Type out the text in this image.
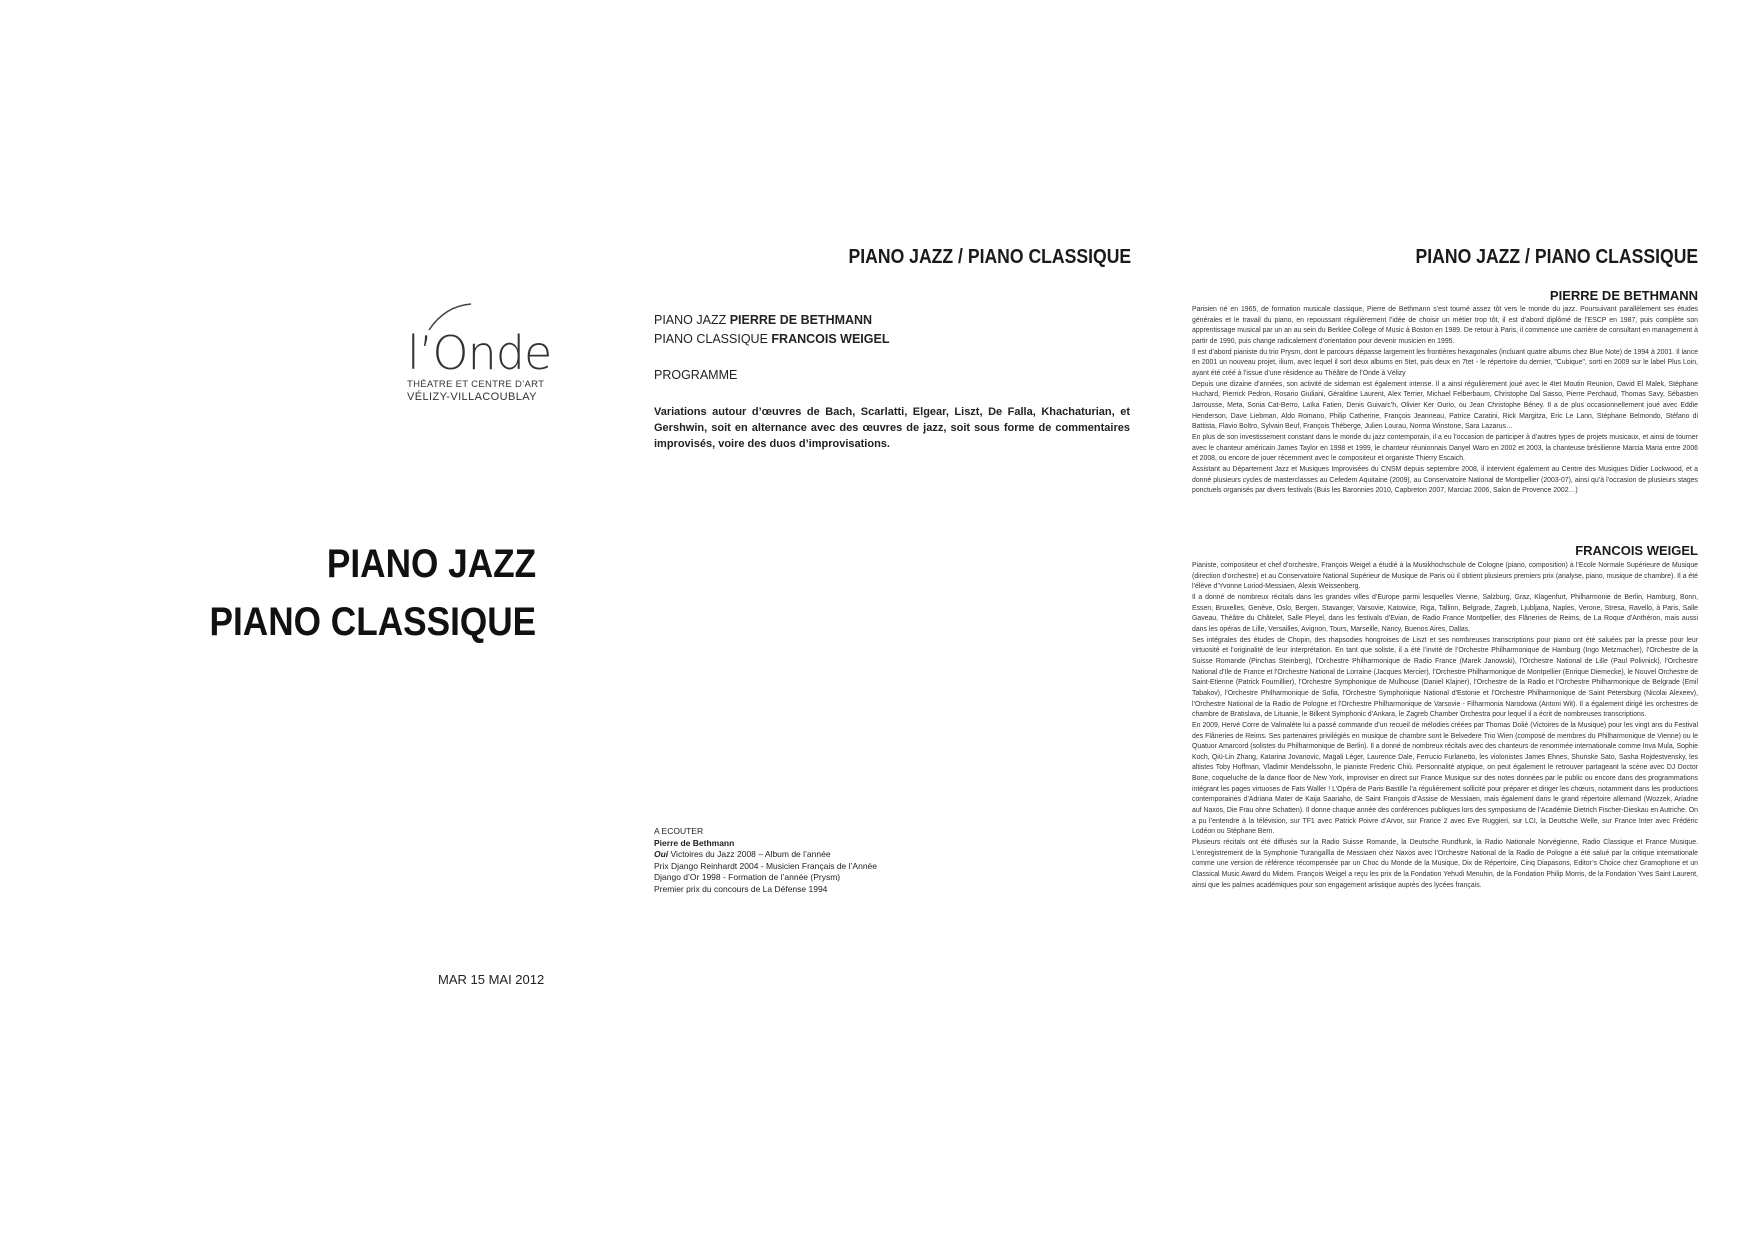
l’Onde
THÉATRE ET CENTRE D’ART
VÉLIZY-VILLACOUBLAY
PIANO JAZZ
PIANO CLASSIQUE
MAR 15 MAI 2012
PIANO JAZZ / PIANO CLASSIQUE
PIANO JAZZ PIERRE DE BETHMANN
PIANO CLASSIQUE FRANCOIS WEIGEL
PROGRAMME
Variations autour d’œuvres de Bach, Scarlatti, Elgear, Liszt, De Falla, Khachaturian, et Gershwin, soit en alternance avec des œuvres de jazz, soit sous forme de commentaires improvisés, voire des duos d’improvisations.
A ECOUTER
Pierre de Bethmann
Oui Victoires du Jazz 2008 – Album de l’année
Prix Django Reinhardt 2004 - Musicien Français de l’Année
Django d’Or 1998 - Formation de l’année (Prysm)
Premier prix du concours de La Défense 1994
PIANO JAZZ / PIANO CLASSIQUE
PIERRE DE BETHMANN

Parisien né en 1965, de formation musicale classique, Pierre de Bethmann s’est tourné assez tôt vers le monde du jazz. Poursuivant parallèlement ses études générales et le travail du piano, en repoussant régulièrement l’idée de choisir un métier trop tôt, il est d’abord diplômé de l’ESCP en 1987, puis complète son apprentissage musical par un an au sein du Berklee College of Music à Boston en 1989. De retour à Paris, il commence une carrière de consultant en management à partir de 1990, puis change radicalement d’orientation pour devenir musicien en 1995.

Il est d’abord pianiste du trio Prysm, dont le parcours dépasse largement les frontières hexagonales (incluant quatre albums chez Blue Note) de 1994 à 2001. Il lance en 2001 un nouveau projet, ilium, avec lequel il sort deux albums en 5tet, puis deux en 7tet - le répertoire du dernier, "Cubique", sorti en 2009 sur le label Plus Loin, ayant été créé à l’issue d’une résidence au Théâtre de l’Onde à Vélizy

Depuis une dizaine d’années, son activité de sideman est également intense. Il a ainsi régulièrement joué avec le 4tet Moutin Reunion, David El Malek, Stéphane Huchard, Pierrick Pedron, Rosario Giuliani, Géraldine Laurent, Alex Terrier, Michael Felberbaum, Christophe Dal Sasso, Pierre Perchaud, Thomas Savy, Sébastien Jarrousse, Meta, Sonia Cat-Berro, Laïka Fatien, Denis Guivarc’h, Olivier Ker Ourio, ou Jean Christophe Béney. Il a de plus occasionnellement joué avec Eddie Henderson, Dave Liebman, Aldo Romano, Philip Catherine, François Jeanneau, Patrice Caratini, Rick Margitza, Eric Le Lann, Stéphane Belmondo, Stéfano di Battista, Flavio Boltro, Sylvain Beuf, François Théberge, Julien Lourau, Norma Winstone, Sara Lazarus…

En plus de son investissement constant dans le monde du jazz contemporain, il a eu l’occasion de participer à d’autres types de projets musicaux, et ainsi de tourner avec le chanteur américain James Taylor en 1998 et 1999, le chanteur réunionnais Danyel Waro en 2002 et 2003, la chanteuse brésilienne Marcia Maria entre 2006 et 2008, ou encore de jouer récemment avec le compositeur et organiste Thierry Escaich.

Assistant au Département Jazz et Musiques Improvisées du CNSM depuis septembre 2008, il intervient également au Centre des Musiques Didier Lockwood, et a donné plusieurs cycles de masterclasses au Cefedem Aquitaine (2009), au Conservatoire National de Montpellier (2003-07), ainsi qu’à l’occasion de plusieurs stages ponctuels organisés par divers festivals (Buis les Baronnies 2010, Capbreton 2007, Marciac 2006, Salon de Provence 2002…)

FRANCOIS WEIGEL

Pianiste, compositeur et chef d’orchestre, François Weigel a étudié à la Musikhochschule de Cologne (piano, composition) à l’Ecole Normale Supérieure de Musique (direction d’orchestre) et au Conservatoire National Supérieur de Musique de Paris où il obtient plusieurs premiers prix (analyse, piano, musique de chambre). Il a été l’élève d’Yvonne Loriod-Messiaen, Alexis Weissenberg.

Il a donné de nombreux récitals dans les grandes villes d’Europe parmi lesquelles Vienne, Salzburg, Graz, Klagenfurt, Philharmonie de Berlin, Hamburg, Bonn, Essen, Bruxelles, Genève, Oslo, Bergen, Stavanger, Varsovie, Katowice, Riga, Tallinn, Belgrade, Zagreb, Ljubljana, Naples, Verone, Stresa, Ravello, à Paris, Salle Gaveau, Théâtre du Châtelet, Salle Pleyel, dans les festivals d’Evian, de Radio France Montpellier, des Flâneries de Reims, de La Roque d’Anthéron, mais aussi dans les opéras de Lille, Versailles, Avignon, Tours, Marseille, Nancy, Buenos Aires, Dallas.

Ses intégrales des études de Chopin, des rhapsodies hongroises de Liszt et ses nombreuses transcriptions pour piano ont été saluées par la presse pour leur virtuosité et l’originalité de leur interprétation. En tant que soliste, il a été l’invité de l’Orchestre Philharmonique de Hamburg (Ingo Metzmacher), l’Orchestre de la Suisse Romande (Pinchas Steinberg), l’Orchestre Philharmonique de Radio France (Marek Janowski), l’Orchestre National de Lille (Paul Polivnick), l’Orchestre National d’Ile de France et l’Orchestre National de Lorraine (Jacques Mercier), l’Orchestre Philharmonique de Montpellier (Enrique Diemecke), le Nouvel Orchestre de Saint-Etienne (Patrick Fournillier), l’Orchestre Symphonique de Mulhouse (Daniel Klajner), l’Orchestre de la Radio et l’Orchestre Philharmonique de Belgrade (Emil Tabakov), l’Orchestre Philharmonique de Sofia, l’Orchestre Symphonique National d’Estonie et l’Orchestre Philharmonique de Saint Petersburg (Nicolai Alexeev), l’Orchestre National de la Radio de Pologne et l’Orchestre Philharmonique de Varsovie - Filharmonia Narodowa (Antoni Wit). Il a également dirigé les orchestres de chambre de Bratislava, de Lituanie, le Bilkent Symphonic d’Ankara, le Zagreb Chamber Orchestra pour lequel il a écrit de nombreuses transcriptions.

En 2009, Hervé Corre de Valmalète lui a passé commande d’un recueil de mélodies créées par Thomas Dolié (Victoires de la Musique) pour les vingt ans du Festival des Flâneries de Reims. Ses partenaires privilégiés en musique de chambre sont le Belvedere Trio Wien (composé de membres du Philharmonique de Vienne) ou le Quatuor Amarcord (solistes du Philharmonique de Berlin). Il a donné de nombreux récitals avec des chanteurs de renommée internationale comme Inva Mula, Sophie Koch, Qiü-Lin Zhang, Katarina Jovanovic, Magali Léger, Laurence Dale, Ferrucio Furlanetto, les violonistes James Ehnes, Shunske Sato, Sasha Rojdestvensky, les altistes Toby Hoffman, Vladimir Mendelssohn, le pianiste Frederic Chiù. Personnalité atypique, on peut également le retrouver partageant la scène avec DJ Doctor Bone, coqueluche de la dance floor de New York, improviser en direct sur France Musique sur des notes données par le public ou encore dans des programmations intégrant les pages virtuoses de Fats Waller ! L’Opéra de Paris Bastille l’a régulièrement sollicité pour préparer et diriger les chœurs, notamment dans les productions contemporaines d’Adriana Mater de Kaija Saariaho, de Saint François d’Assise de Messiaen, mais également dans le grand répertoire allemand (Wozzek, Ariadne auf Naxos, Die Frau ohne Schatten). Il donne chaque année des conférences publiques lors des symposiums de l’Académie Dietrich Fischer-Dieskau en Autriche. On a pu l’entendre à la télévision, sur TF1 avec Patrick Poivre d’Arvor, sur France 2 avec Eve Ruggieri, sur LCI, la Deutsche Welle, sur France Inter avec Frédéric Lodéon ou Stéphane Bern.

Plusieurs récitals ont été diffusés sur la Radio Suisse Romande, la Deutsche Rundfunk, la Radio Nationale Norvégienne, Radio Classique et France Musique. L’enregistrement de la Symphonie Turangalîla de Messiaen chez Naxos avec l’Orchestre National de la Radio de Pologne a été salué par la critique internationale comme une version de référence récompensée par un Choc du Monde de la Musique, Dix de Répertoire, Cinq Diapasons, Editor’s Choice chez Gramophone et un Classical Music Award du Midem. François Weigel a reçu les prix de la Fondation Yehudi Menuhin, de la Fondation Philip Morris, de la Fondation Yves Saint Laurent, ainsi que les palmes académiques pour son engagement artistique auprès des lycées français.
